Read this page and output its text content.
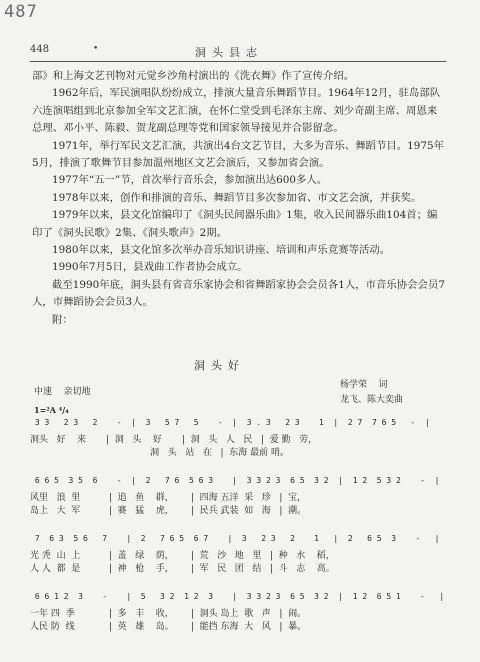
487
448	•	洞头县志

部》和上海文艺刊物对元觉乡沙角村演出的《洗衣舞》作了宣传介绍。

1962年后，军民演唱队纷纷成立，排演大量音乐舞蹈节目。1964年12月，驻岛部队六连演唱组到北京参加全军文艺汇演，在怀仁堂受到毛泽东主席、刘少奇副主席、周恩来总理、邓小平、陈毅、贺龙副总理等党和国家领导接见并合影留念。

1971年，举行军民文艺汇演，共演出4台文艺节目，大多为音乐、舞蹈节目。1975年5月，排演了歌舞节目参加温州地区文艺会演后，又参加省会演。

1977年“五一”节，首次举行音乐会，参加演出达600多人。

1978年以来，创作和排演的音乐、舞蹈节目多次参加省、市文艺会演，并获奖。

1979年以来，县文化馆编印了《洞头民间器乐曲》1集，收入民间器乐曲104首；编印了《洞头民歌》2集、《洞头歌声》2期。

1980年以来，县文化馆多次举办音乐知识讲座、培训和声乐竞赛等活动。

1990年7月5日，县戏曲工作者协会成立。

截至1990年底，洞头县有省音乐家协会和省舞蹈家协会会员各1人，市音乐协会会员7人，市舞蹈协会会员3人。

附：

洞头好
杨学荣    词
龙飞、陈大奕曲
中速    亲切地
1=²A ⁴/₄
3 3   2 3   2    -  |  3   5 7   5    -  |  3 . 3   2 3    1  |  2 7  7 6 5   -  |
洞头   好    来       |  洞   头    好       |  洞   头   人   民   |  爱 勤   劳，
洞   头   站   在   |  东海 最前 哨。
6 6 5  3 5  6    -  |  2   7 6  5 6 3    |  3 3 2 3  6 5  3 2  |  1 2  5 3 2    -  |
风里   浪  里          |  追   鱼    群，      |  四海 五洋  采   珍   |  宝，
岛上   大  军          |  赛   猛    虎，      |  民兵 武装  如   海   |  潮。
7  6 3  5 6   7    |  2   7 6 5  6 7    |  3   2 3   2    1   |  2   6 5  3    -   |
光 秃  山  上          |  盖   绿    荫，      |  荒   沙   地   里   |  种   水    稻，
人 人  都  是          |  神   枪    手，      |  军   民   团   结   |  斗   志    高。
6 6 1 2  3    -    |  5   3 2  1 2  3    |  3 3 2 3  6 5  3 2  |  1 2  6 5 1    -   |
一年 四  季            |  多   丰    收，      |  洞头 岛上  歌   声   |  闹。
人民 防  线            |  英   雄    岛。      |  能挡 东海  大   风   |  暴。
